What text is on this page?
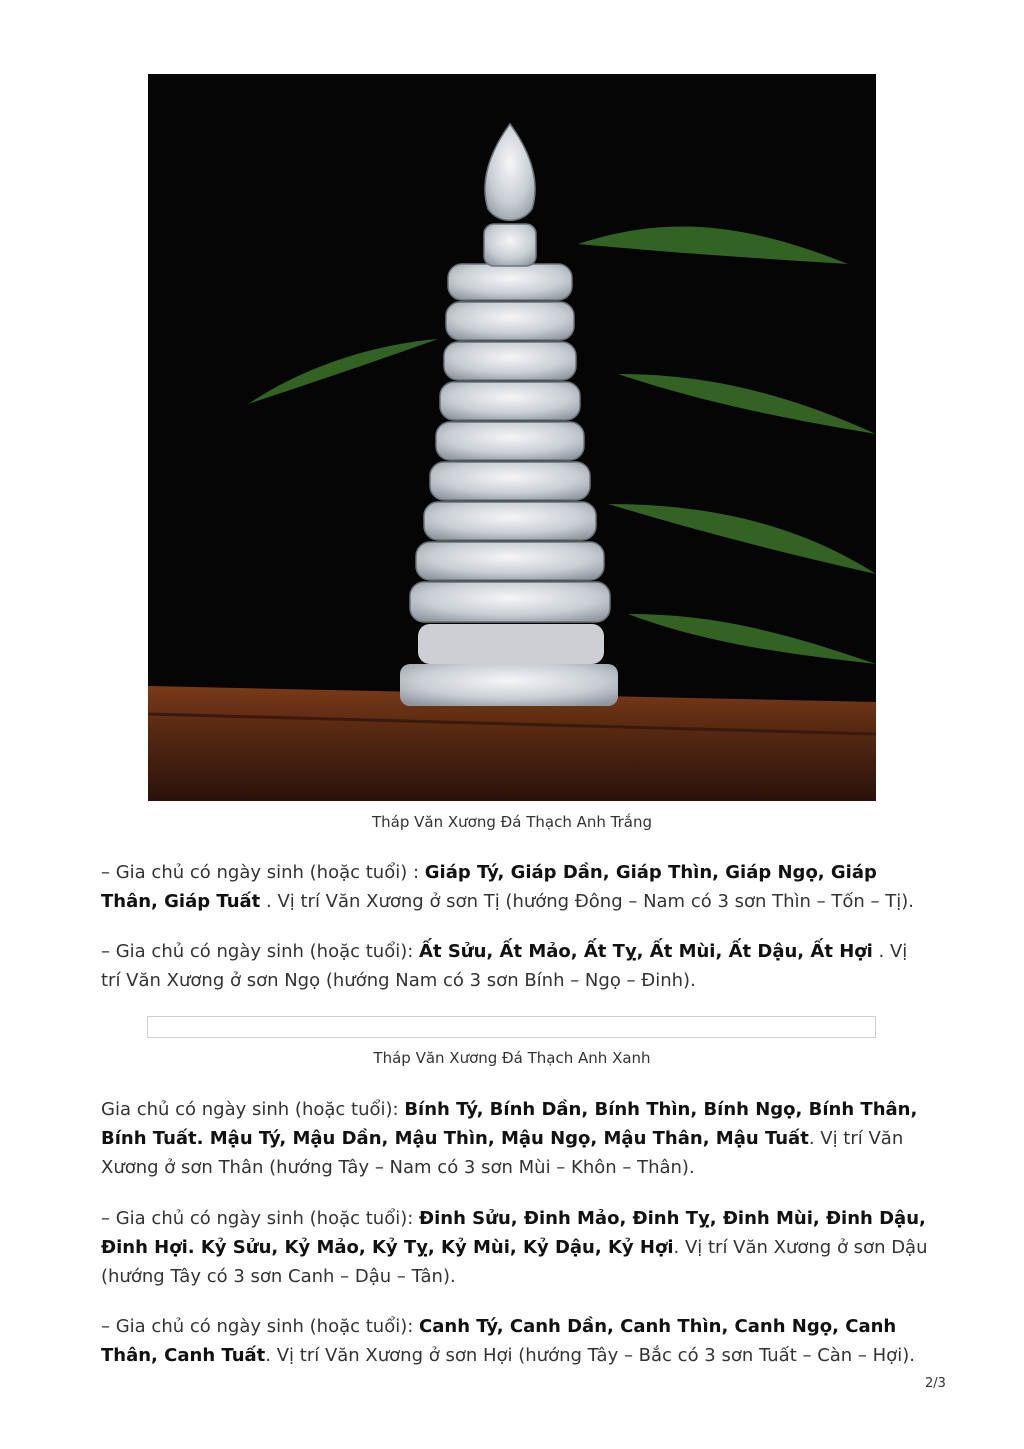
Tháp Văn Xương Đá Thạch Anh Trắng
– Gia chủ có ngày sinh (hoặc tuổi) : Giáp Tý, Giáp Dần, Giáp Thìn, Giáp Ngọ, Giáp Thân, Giáp Tuất . Vị trí Văn Xương ở sơn Tị (hướng Đông – Nam có 3 sơn Thìn – Tốn – Tị).
– Gia chủ có ngày sinh (hoặc tuổi): Ất Sửu, Ất Mảo, Ất Tỵ, Ất Mùi, Ất Dậu, Ất Hợi . Vị trí Văn Xương ở sơn Ngọ (hướng Nam có 3 sơn Bính – Ngọ – Đinh).
Tháp Văn Xương Đá Thạch Anh Xanh
Gia chủ có ngày sinh (hoặc tuổi): Bính Tý, Bính Dần, Bính Thìn, Bính Ngọ, Bính Thân, Bính Tuất. Mậu Tý, Mậu Dần, Mậu Thìn, Mậu Ngọ, Mậu Thân, Mậu Tuất. Vị trí Văn Xương ở sơn Thân (hướng Tây – Nam có 3 sơn Mùi – Khôn – Thân).
– Gia chủ có ngày sinh (hoặc tuổi): Đinh Sửu, Đinh Mảo, Đinh Tỵ, Đinh Mùi, Đinh Dậu, Đinh Hợi. Kỷ Sửu, Kỷ Mảo, Kỷ Tỵ, Kỷ Mùi, Kỷ Dậu, Kỷ Hợi. Vị trí Văn Xương ở sơn Dậu (hướng Tây có 3 sơn Canh – Dậu – Tân).
– Gia chủ có ngày sinh (hoặc tuổi): Canh Tý, Canh Dần, Canh Thìn, Canh Ngọ, Canh Thân, Canh Tuất. Vị trí Văn Xương ở sơn Hợi (hướng Tây – Bắc có 3 sơn Tuất – Càn – Hợi).
2/3
